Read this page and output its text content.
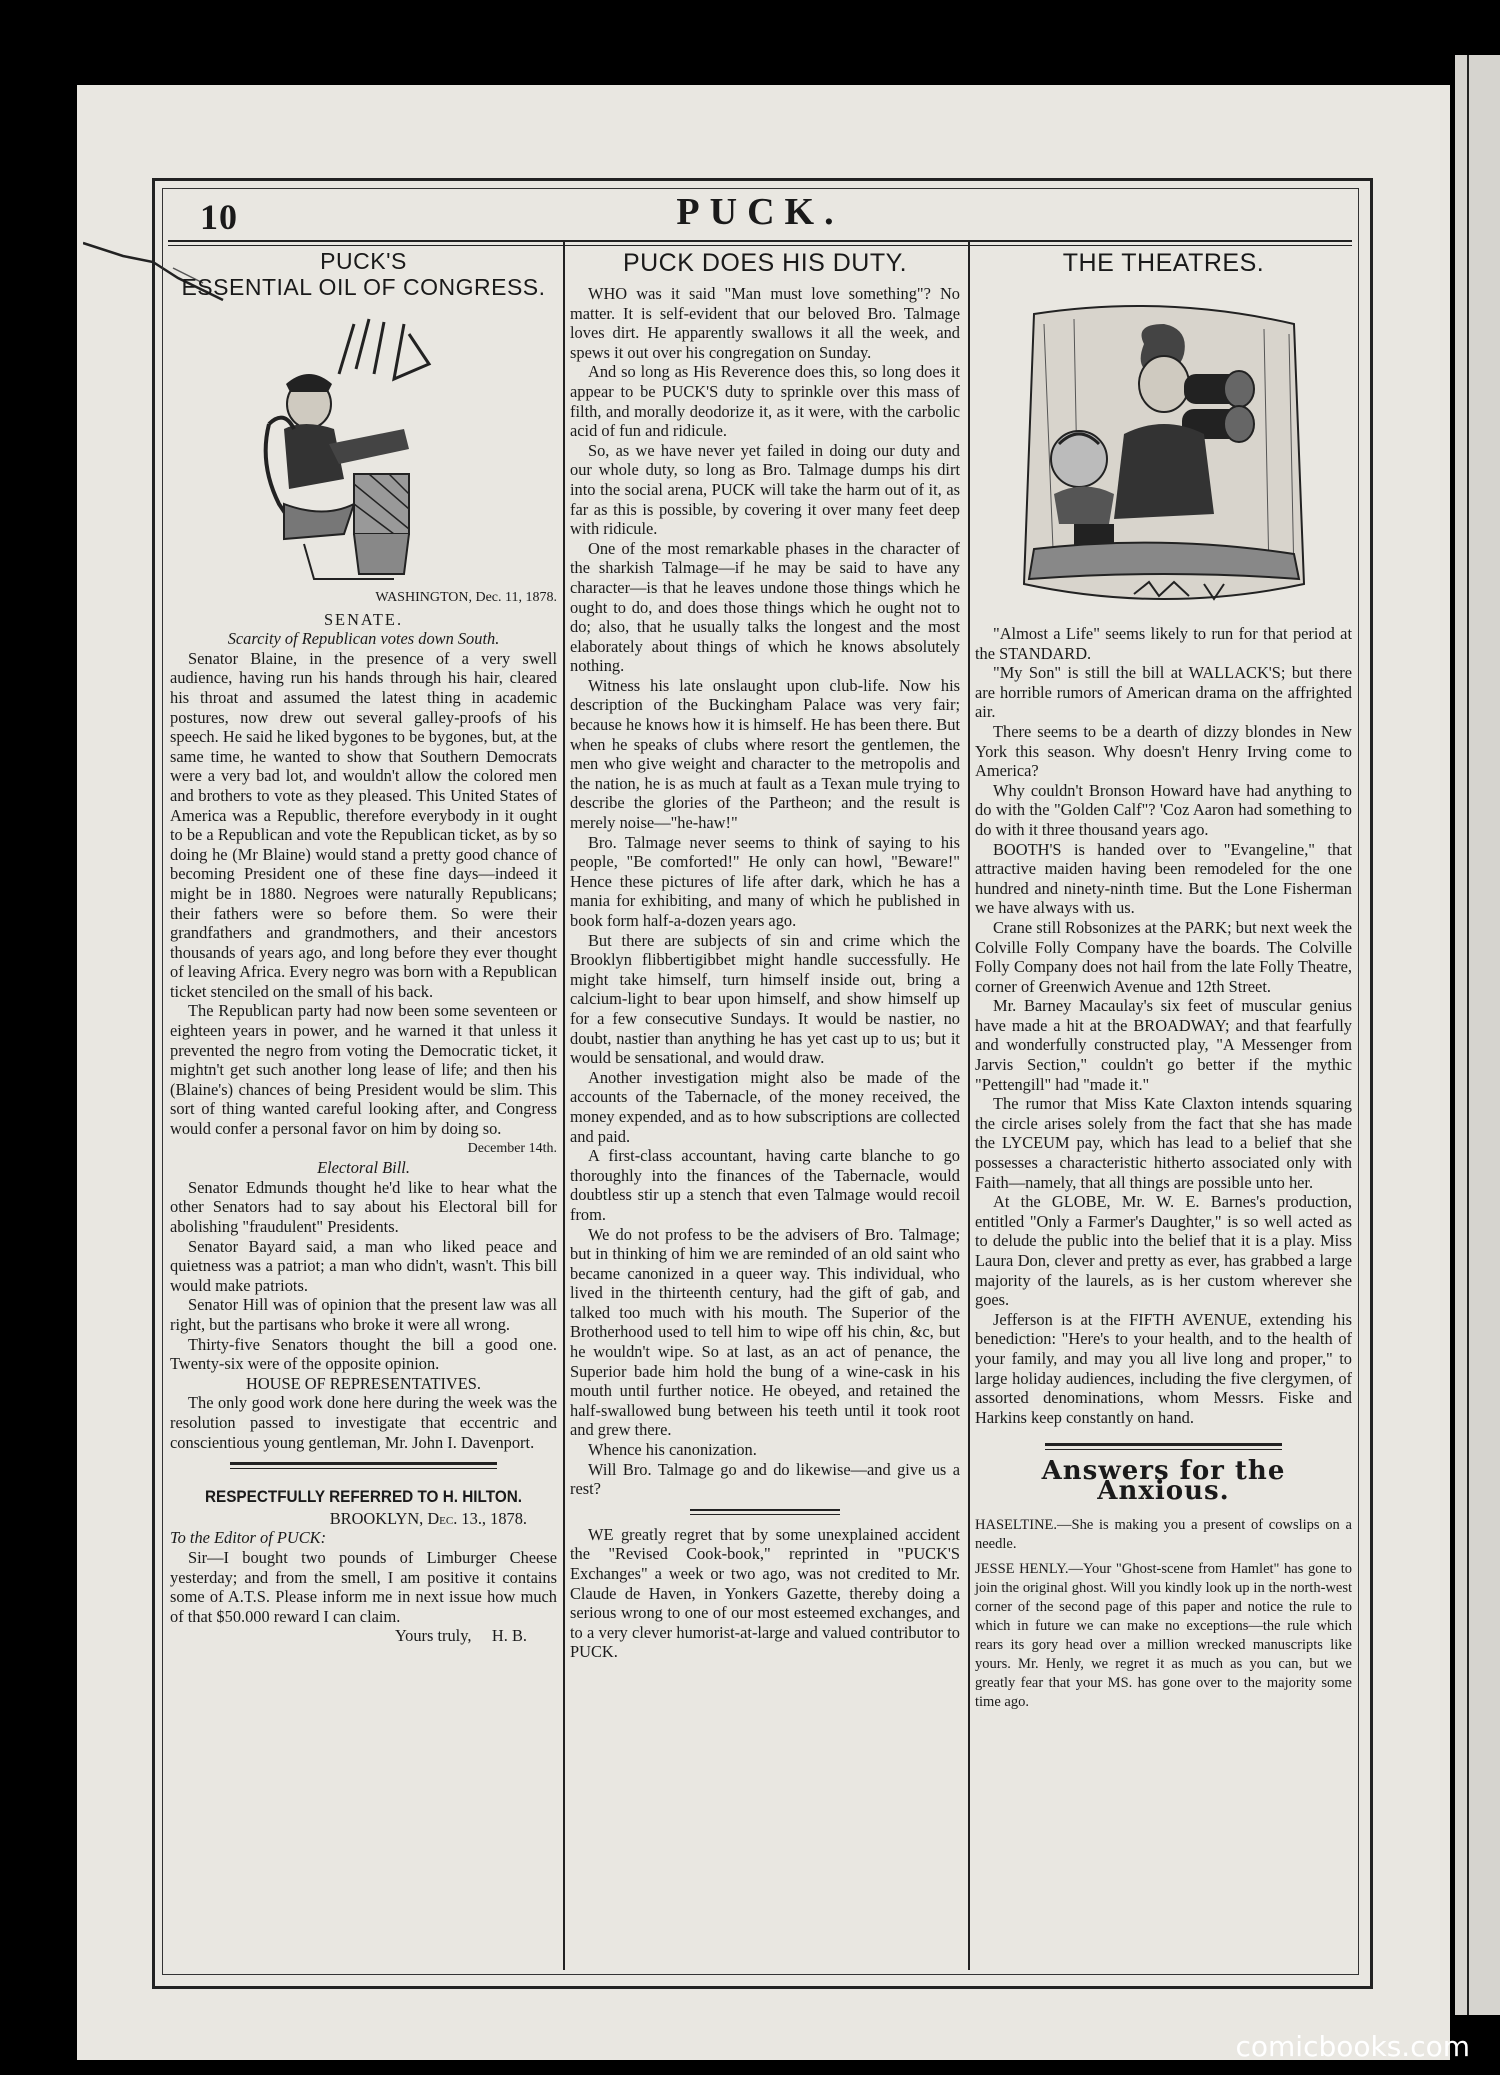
10	PUCK.
PUCK'S
ESSENTIAL OIL OF CONGRESS.
WASHINGTON, Dec. 11, 1878.
SENATE.
Scarcity of Republican votes down South.

Senator Blaine, in the presence of a very swell audience, having run his hands through his hair, cleared his throat and assumed the latest thing in academic postures, now drew out several galley-proofs of his speech. He said he liked bygones to be bygones, but, at the same time, he wanted to show that Southern Democrats were a very bad lot, and wouldn't allow the colored men and brothers to vote as they pleased. This United States of America was a Republic, therefore everybody in it ought to be a Republican and vote the Republican ticket, as by so doing he (Mr Blaine) would stand a pretty good chance of becoming President one of these fine days—indeed it might be in 1880. Negroes were naturally Republicans; their fathers were so before them. So were their grandfathers and grandmothers, and their ancestors thousands of years ago, and long before they ever thought of leaving Africa. Every negro was born with a Republican ticket stenciled on the small of his back.

The Republican party had now been some seventeen or eighteen years in power, and he warned it that unless it prevented the negro from voting the Democratic ticket, it mightn't get such another long lease of life; and then his (Blaine's) chances of being President would be slim. This sort of thing wanted careful looking after, and Congress would confer a personal favor on him by doing so.

December 14th.
Electoral Bill.

Senator Edmunds thought he'd like to hear what the other Senators had to say about his Electoral bill for abolishing "fraudulent" Presidents.

Senator Bayard said, a man who liked peace and quietness was a patriot; a man who didn't, wasn't. This bill would make patriots.

Senator Hill was of opinion that the present law was all right, but the partisans who broke it were all wrong.

Thirty-five Senators thought the bill a good one. Twenty-six were of the opposite opinion.

HOUSE OF REPRESENTATIVES.

The only good work done here during the week was the resolution passed to investigate that eccentric and conscientious young gentleman, Mr. John I. Davenport.

RESPECTFULLY REFERRED TO H. HILTON.
BROOKLYN, Dec. 13., 1878.

To the Editor of PUCK:

Sir—I bought two pounds of Limburger Cheese yesterday; and from the smell, I am positive it contains some of A.T.S. Please inform me in next issue how much of that $50.000 reward I can claim.

Yours truly,     H. B.
PUCK DOES HIS DUTY.

WHO was it said "Man must love something"? No matter. It is self-evident that our beloved Bro. Talmage loves dirt. He apparently swallows it all the week, and spews it out over his congregation on Sunday.

And so long as His Reverence does this, so long does it appear to be PUCK'S duty to sprinkle over this mass of filth, and morally deodorize it, as it were, with the carbolic acid of fun and ridicule.

So, as we have never yet failed in doing our duty and our whole duty, so long as Bro. Talmage dumps his dirt into the social arena, PUCK will take the harm out of it, as far as this is possible, by covering it over many feet deep with ridicule.

One of the most remarkable phases in the character of the sharkish Talmage—if he may be said to have any character—is that he leaves undone those things which he ought to do, and does those things which he ought not to do; also, that he usually talks the longest and the most elaborately about things of which he knows absolutely nothing.

Witness his late onslaught upon club-life. Now his description of the Buckingham Palace was very fair; because he knows how it is himself. He has been there. But when he speaks of clubs where resort the gentlemen, the men who give weight and character to the metropolis and the nation, he is as much at fault as a Texan mule trying to describe the glories of the Partheon; and the result is merely noise—"he-haw!"

Bro. Talmage never seems to think of saying to his people, "Be comforted!" He only can howl, "Beware!" Hence these pictures of life after dark, which he has a mania for exhibiting, and many of which he published in book form half-a-dozen years ago.

But there are subjects of sin and crime which the Brooklyn flibbertigibbet might handle successfully. He might take himself, turn himself inside out, bring a calcium-light to bear upon himself, and show himself up for a few consecutive Sundays. It would be nastier, no doubt, nastier than anything he has yet cast up to us; but it would be sensational, and would draw.

Another investigation might also be made of the accounts of the Tabernacle, of the money received, the money expended, and as to how subscriptions are collected and paid.

A first-class accountant, having carte blanche to go thoroughly into the finances of the Tabernacle, would doubtless stir up a stench that even Talmage would recoil from.

We do not profess to be the advisers of Bro. Talmage; but in thinking of him we are reminded of an old saint who became canonized in a queer way. This individual, who lived in the thirteenth century, had the gift of gab, and talked too much with his mouth. The Superior of the Brotherhood used to tell him to wipe off his chin, &c, but he wouldn't wipe. So at last, as an act of penance, the Superior bade him hold the bung of a wine-cask in his mouth until further notice. He obeyed, and retained the half-swallowed bung between his teeth until it took root and grew there.

Whence his canonization.

Will Bro. Talmage go and do likewise—and give us a rest?

WE greatly regret that by some unexplained accident the "Revised Cook-book," reprinted in "PUCK'S Exchanges" a week or two ago, was not credited to Mr. Claude de Haven, in Yonkers Gazette, thereby doing a serious wrong to one of our most esteemed exchanges, and to a very clever humorist-at-large and valued contributor to PUCK.

THE THEATRES.

"Almost a Life" seems likely to run for that period at the STANDARD.

"My Son" is still the bill at WALLACK'S; but there are horrible rumors of American drama on the affrighted air.

There seems to be a dearth of dizzy blondes in New York this season. Why doesn't Henry Irving come to America?

Why couldn't Bronson Howard have had anything to do with the "Golden Calf"? 'Coz Aaron had something to do with it three thousand years ago.

BOOTH'S is handed over to "Evangeline," that attractive maiden having been remodeled for the one hundred and ninety-ninth time. But the Lone Fisherman we have always with us.

Crane still Robsonizes at the PARK; but next week the Colville Folly Company have the boards. The Colville Folly Company does not hail from the late Folly Theatre, corner of Greenwich Avenue and 12th Street.

Mr. Barney Macaulay's six feet of muscular genius have made a hit at the BROADWAY; and that fearfully and wonderfully constructed play, "A Messenger from Jarvis Section," couldn't go better if the mythic "Pettengill" had "made it."

The rumor that Miss Kate Claxton intends squaring the circle arises solely from the fact that she has made the LYCEUM pay, which has lead to a belief that she possesses a characteristic hitherto associated only with Faith—namely, that all things are possible unto her.

At the GLOBE, Mr. W. E. Barnes's production, entitled "Only a Farmer's Daughter," is so well acted as to delude the public into the belief that it is a play. Miss Laura Don, clever and pretty as ever, has grabbed a large majority of the laurels, as is her custom wherever she goes.

Jefferson is at the FIFTH AVENUE, extending his benediction: "Here's to your health, and to the health of your family, and may you all live long and proper," to large holiday audiences, including the five clergymen, of assorted denominations, whom Messrs. Fiske and Harkins keep constantly on hand.

Answers for the Anxious.

HASELTINE.—She is making you a present of cowslips on a needle.

JESSE HENLY.—Your "Ghost-scene from Hamlet" has gone to join the original ghost. Will you kindly look up in the north-west corner of the second page of this paper and notice the rule to which in future we can make no exceptions—the rule which rears its gory head over a million wrecked manuscripts like yours. Mr. Henly, we regret it as much as you can, but we greatly fear that your MS. has gone over to the majority some time ago.

comicbooks.com
